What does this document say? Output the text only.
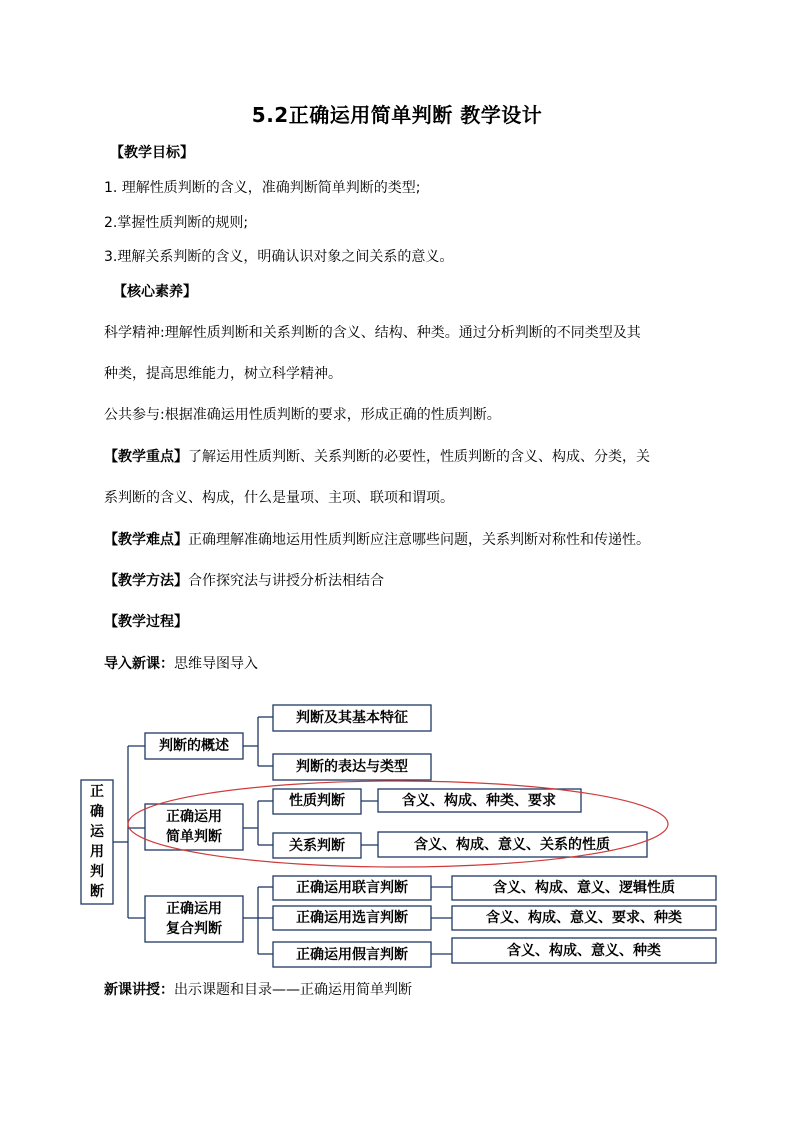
5.2正确运用简单判断 教学设计
【教学目标】
1. 理解性质判断的含义，准确判断简单判断的类型;
2.掌握性质判断的规则;
3.理解关系判断的含义，明确认识对象之间关系的意义。
【核心素养】
科学精神:理解性质判断和关系判断的含义、结构、种类。通过分析判断的不同类型及其
种类，提高思维能力，树立科学精神。
公共参与:根据准确运用性质判断的要求，形成正确的性质判断。
【教学重点】了解运用性质判断、关系判断的必要性，性质判断的含义、构成、分类，关
系判断的含义、构成，什么是量项、主项、联项和谓项。
【教学难点】正确理解准确地运用性质判断应注意哪些问题，关系判断对称性和传递性。
【教学方法】合作探究法与讲授分析法相结合
【教学过程】
导入新课：思维导图导入
正
确
运
用
判
断
判断的概述
正确运用
简单判断
正确运用
复合判断
判断及其基本特征
判断的表达与类型
性质判断
关系判断
含义、构成、种类、要求
含义、构成、意义、关系的性质
正确运用联言判断
正确运用选言判断
正确运用假言判断
含义、构成、意义、逻辑性质
含义、构成、意义、要求、种类
含义、构成、意义、种类
新课讲授：出示课题和目录——正确运用简单判断
